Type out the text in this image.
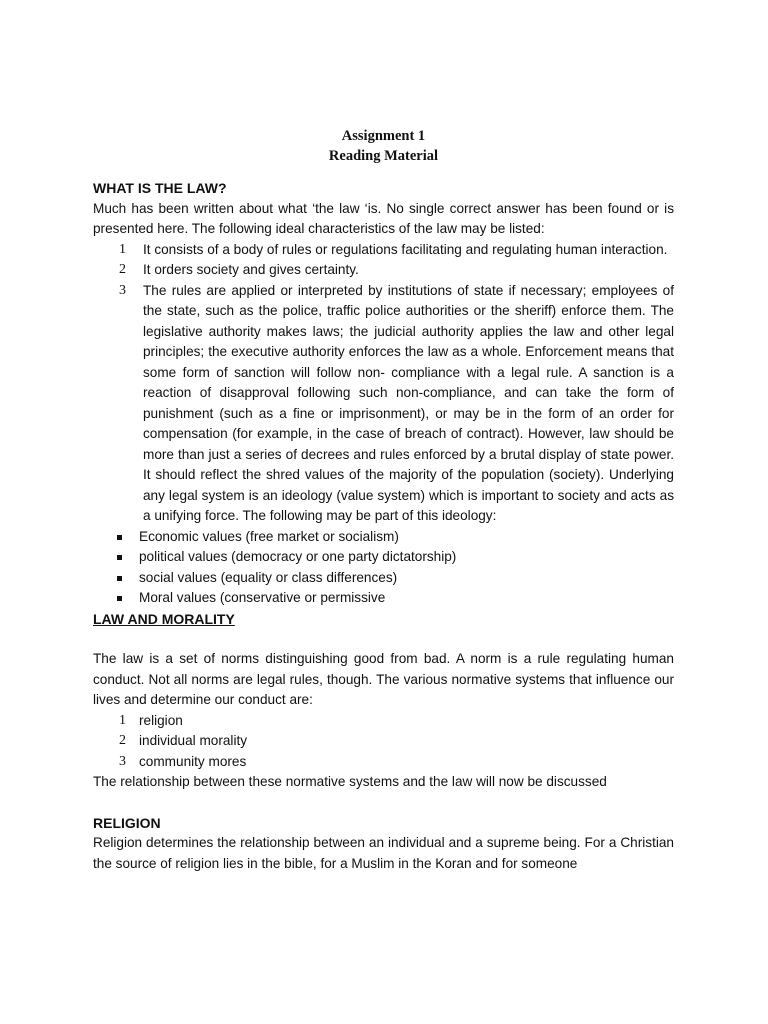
Assignment 1
Reading Material
WHAT IS THE LAW?

Much has been written about what ‘the law ‘is. No single correct answer has been found or is presented here. The following ideal characteristics of the law may be listed:

1 It consists of a body of rules or regulations facilitating and regulating human interaction.
2 It orders society and gives certainty.
3 The rules are applied or interpreted by institutions of state if necessary; employees of the state, such as the police, traffic police authorities or the sheriff) enforce them. The legislative authority makes laws; the judicial authority applies the law and other legal principles; the executive authority enforces the law as a whole. Enforcement means that some form of sanction will follow non- compliance with a legal rule. A sanction is a reaction of disapproval following such non-compliance, and can take the form of punishment (such as a fine or imprisonment), or may be in the form of an order for compensation (for example, in the case of breach of contract). However, law should be more than just a series of decrees and rules enforced by a brutal display of state power. It should reflect the shred values of the majority of the population (society). Underlying any legal system is an ideology (value system) which is important to society and acts as a unifying force. The following may be part of this ideology:
Economic values (free market or socialism)
political values (democracy or one party dictatorship)
social values (equality or class differences)
Moral values (conservative or permissive
LAW AND MORALITY

The law is a set of norms distinguishing good from bad. A norm is a rule regulating human conduct. Not all norms are legal rules, though. The various normative systems that influence our lives and determine our conduct are:

1 religion
2 individual morality
3 community mores

The relationship between these normative systems and the law will now be discussed

RELIGION

Religion determines the relationship between an individual and a supreme being. For a Christian the source of religion lies in the bible, for a Muslim in the Koran and for someone
